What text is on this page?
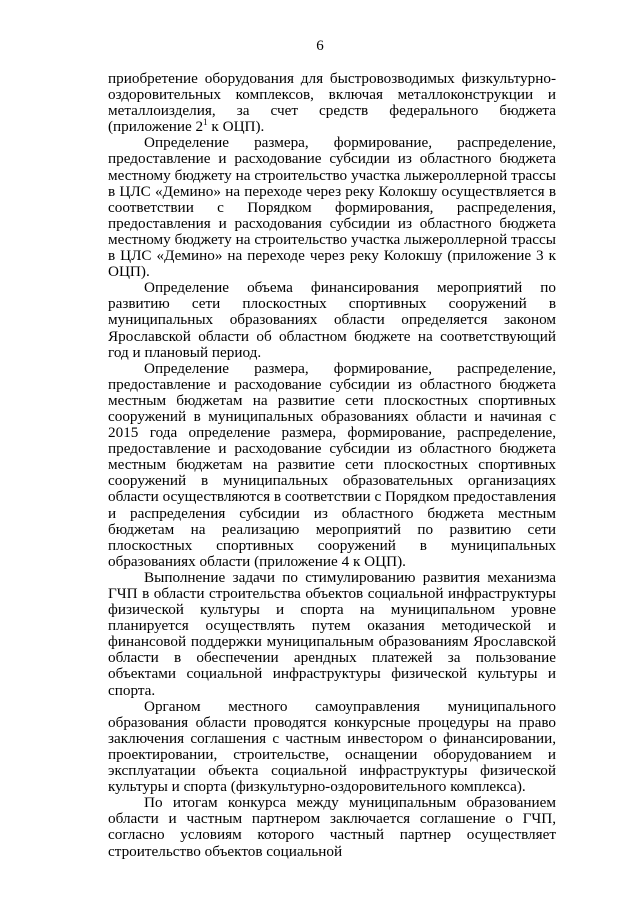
6

приобретение оборудования для быстровозводимых физкультурно-оздоровительных комплексов, включая металлоконструкции и металлоизделия, за счет средств федерального бюджета (приложение $2^1$ к ОЦП).

Определение размера, формирование, распределение, предоставление и расходование субсидии из областного бюджета местному бюджету на строительство участка лыжероллерной трассы в ЦЛС «Демино» на переходе через реку Колокшу осуществляется в соответствии с Порядком формирования, распределения, предоставления и расходования субсидии из областного бюджета местному бюджету на строительство участка лыжероллерной трассы в ЦЛС «Демино» на переходе через реку Колокшу (приложение 3 к ОЦП).

Определение объема финансирования мероприятий по развитию сети плоскостных спортивных сооружений в муниципальных образованиях области определяется законом Ярославской области об областном бюджете на соответствующий год и плановый период.

Определение размера, формирование, распределение, предоставление и расходование субсидии из областного бюджета местным бюджетам на развитие сети плоскостных спортивных сооружений в муниципальных образованиях области и начиная с 2015 года определение размера, формирование, распределение, предоставление и расходование субсидии из областного бюджета местным бюджетам на развитие сети плоскостных спортивных сооружений в муниципальных образовательных организациях области осуществляются в соответствии с Порядком предоставления и распределения субсидии из областного бюджета местным бюджетам на реализацию мероприятий по развитию сети плоскостных спортивных сооружений в муниципальных образованиях области (приложение 4 к ОЦП).

Выполнение задачи по стимулированию развития механизма ГЧП в области строительства объектов социальной инфраструктуры физической культуры и спорта на муниципальном уровне планируется осуществлять путем оказания методической и финансовой поддержки муниципальным образованиям Ярославской области в обеспечении арендных платежей за пользование объектами социальной инфраструктуры физической культуры и спорта.

Органом местного самоуправления муниципального образования области проводятся конкурсные процедуры на право заключения соглашения с частным инвестором о финансировании, проектировании, строительстве, оснащении оборудованием и эксплуатации объекта социальной инфраструктуры физической культуры и спорта (физкультурно-оздоровительного комплекса).

По итогам конкурса между муниципальным образованием области и частным партнером заключается соглашение о ГЧП, согласно условиям которого частный партнер осуществляет строительство объектов социальной
